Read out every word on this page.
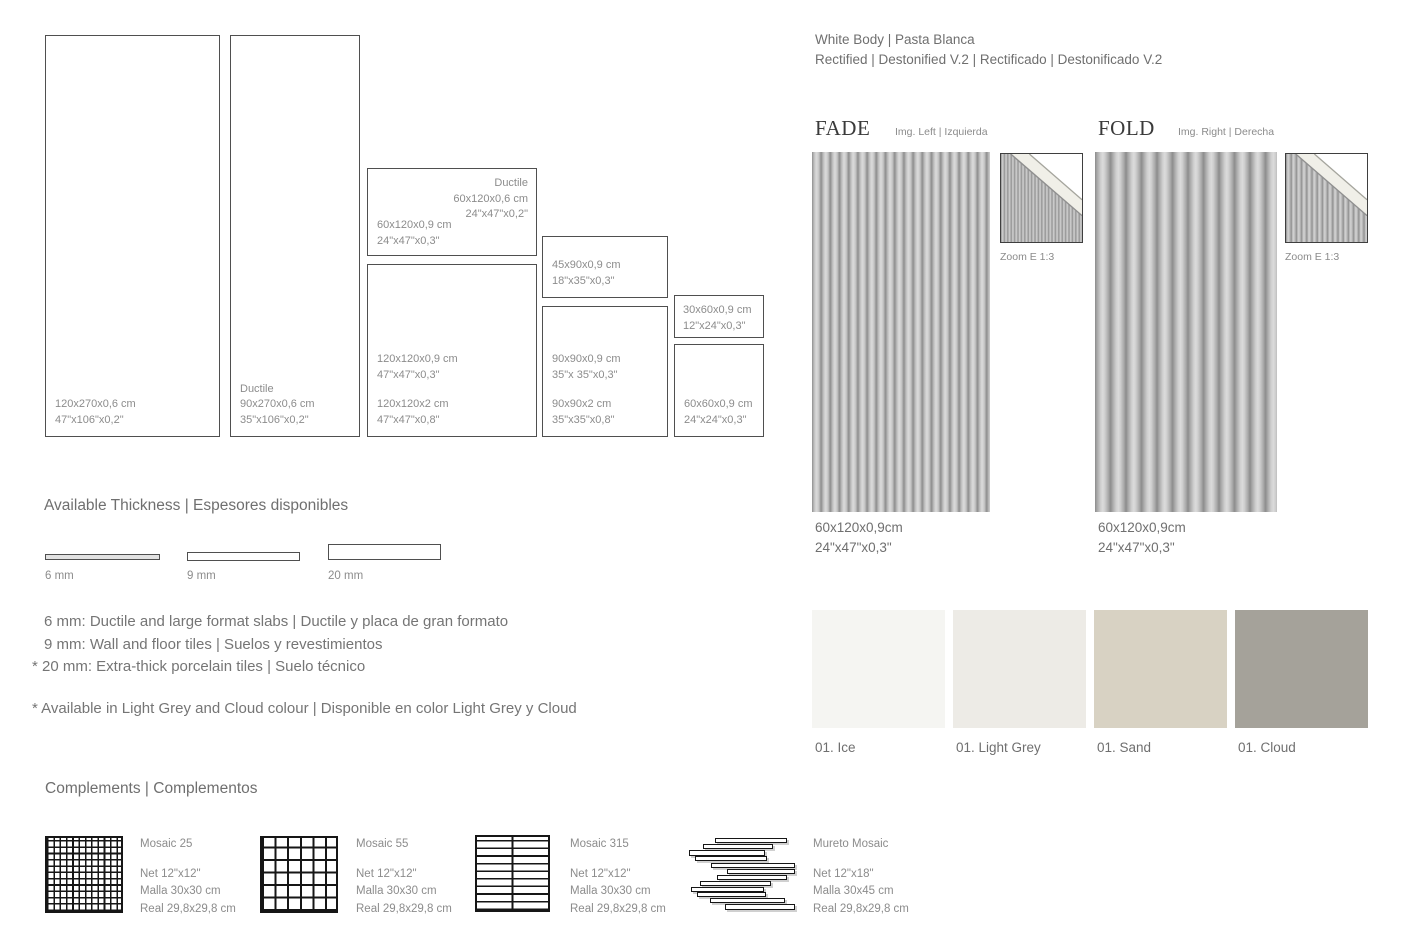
120x270x0,6 cm
47"x106"x0,2"
Ductile
90x270x0,6 cm
35"x106"x0,2"
Ductile
60x120x0,6 cm
24"x47"x0,2"
60x120x0,9 cm
24"x47"x0,3"
120x120x0,9 cm
47"x47"x0,3"
120x120x2 cm
47"x47"x0,8"
45x90x0,9 cm
18"x35"x0,3"
90x90x0,9 cm
35"x 35"x0,3"
90x90x2 cm
35"x35"x0,8"
30x60x0,9 cm
12"x24"x0,3"
60x60x0,9 cm
24"x24"x0,3"
Available Thickness | Espesores disponibles
6 mm	9 mm	20 mm
6 mm: Ductile and large format slabs | Ductile y placa de gran formato
9 mm: Wall and floor tiles | Suelos y revestimientos
* 20 mm: Extra-thick porcelain tiles | Suelo técnico
* Available in Light Grey and Cloud colour | Disponible en color Light Grey y Cloud
Complements | Complementos
Mosaic 25
Net 12"x12"
Malla 30x30 cm
Real 29,8x29,8 cm
Mosaic 55
Net 12"x12"
Malla 30x30 cm
Real 29,8x29,8 cm
Mosaic 315
Net 12"x12"
Malla 30x30 cm
Real 29,8x29,8 cm
Mureto Mosaic
Net 12"x18"
Malla 30x45 cm
Real 29,8x29,8 cm
White Body | Pasta Blanca
Rectified | Destonified V.2 | Rectificado | Destonificado V.2
FADE Img. Left | Izquierda
Zoom E 1:3
60x120x0,9cm
24"x47"x0,3"
FOLD Img. Right | Derecha
Zoom E 1:3
60x120x0,9cm
24"x47"x0,3"
01. Ice	01. Light Grey	01. Sand	01. Cloud
